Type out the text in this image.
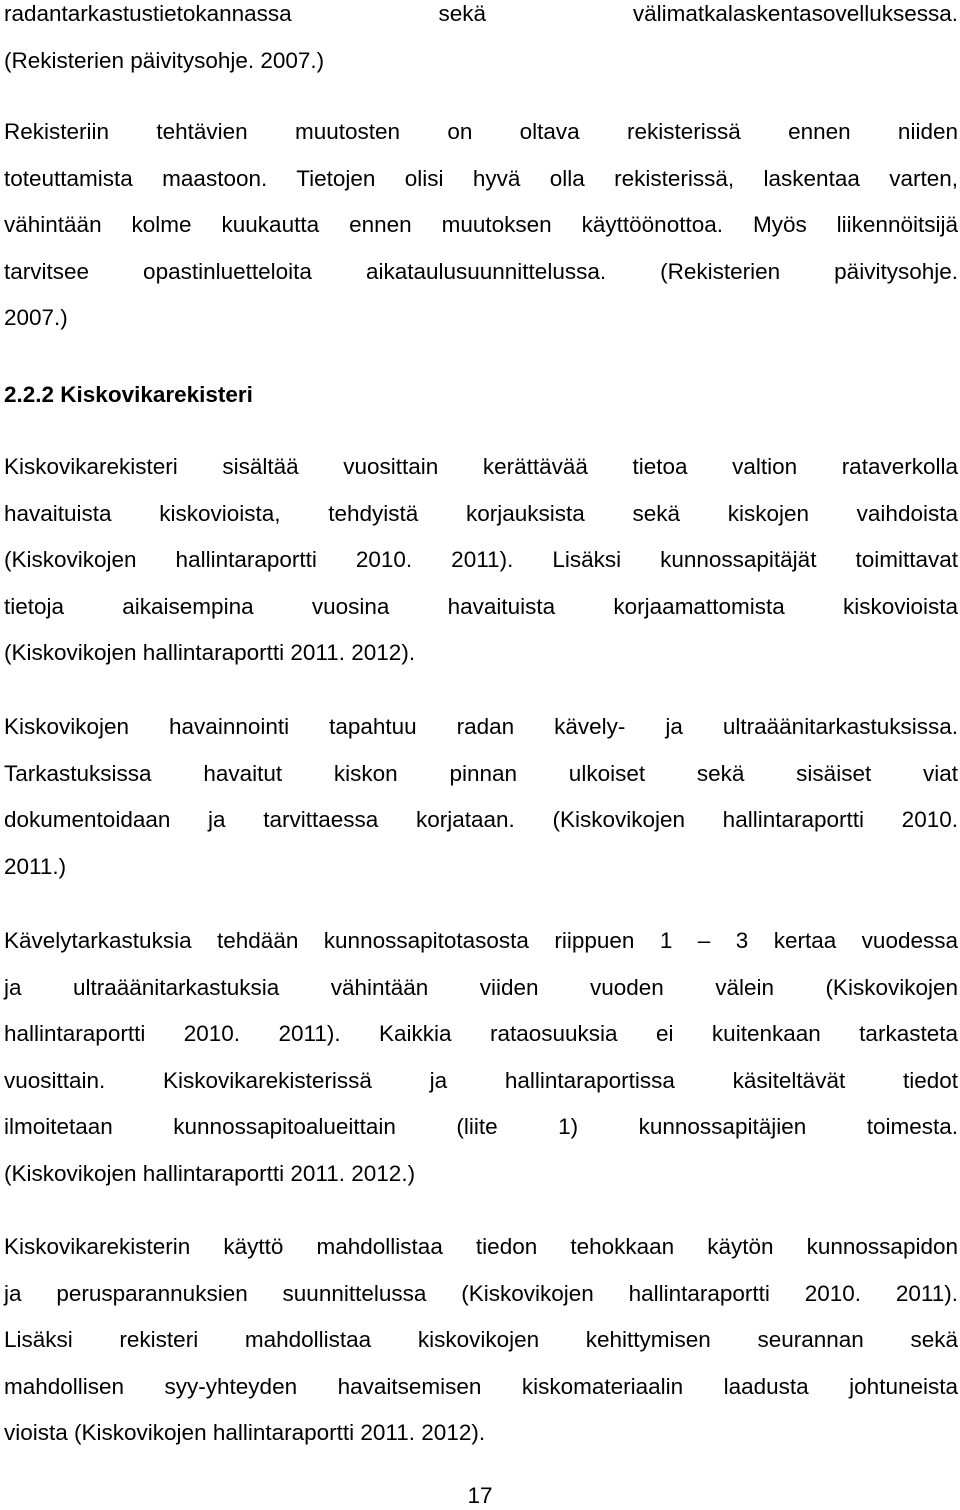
radantarkastustietokannassa sekä välimatkalaskentasovelluksessa.
(Rekisterien päivitysohje. 2007.)

Rekisteriin tehtävien muutosten on oltava rekisterissä ennen niiden
toteuttamista maastoon. Tietojen olisi hyvä olla rekisterissä, laskentaa varten,
vähintään kolme kuukautta ennen muutoksen käyttöönottoa. Myös liikennöitsijä
tarvitsee opastinluetteloita aikataulusuunnittelussa. (Rekisterien päivitysohje.
2007.)

2.2.2 Kiskovikarekisteri

Kiskovikarekisteri sisältää vuosittain kerättävää tietoa valtion rataverkolla
havaituista kiskovioista, tehdyistä korjauksista sekä kiskojen vaihdoista
(Kiskovikojen hallintaraportti 2010. 2011). Lisäksi kunnossapitäjät toimittavat
tietoja aikaisempina vuosina havaituista korjaamattomista kiskovioista
(Kiskovikojen hallintaraportti 2011. 2012).

Kiskovikojen havainnointi tapahtuu radan kävely- ja ultraäänitarkastuksissa.
Tarkastuksissa havaitut kiskon pinnan ulkoiset sekä sisäiset viat
dokumentoidaan ja tarvittaessa korjataan. (Kiskovikojen hallintaraportti 2010.
2011.)

Kävelytarkastuksia tehdään kunnossapitotasosta riippuen 1 – 3 kertaa vuodessa
ja ultraäänitarkastuksia vähintään viiden vuoden välein (Kiskovikojen
hallintaraportti 2010. 2011). Kaikkia rataosuuksia ei kuitenkaan tarkasteta
vuosittain. Kiskovikarekisterissä ja hallintaraportissa käsiteltävät tiedot
ilmoitetaan kunnossapitoalueittain (liite 1) kunnossapitäjien toimesta.
(Kiskovikojen hallintaraportti 2011. 2012.)

Kiskovikarekisterin käyttö mahdollistaa tiedon tehokkaan käytön kunnossapidon
ja perusparannuksien suunnittelussa (Kiskovikojen hallintaraportti 2010. 2011).
Lisäksi rekisteri mahdollistaa kiskovikojen kehittymisen seurannan sekä
mahdollisen syy-yhteyden havaitsemisen kiskomateriaalin laadusta johtuneista
vioista (Kiskovikojen hallintaraportti 2011. 2012).

17
